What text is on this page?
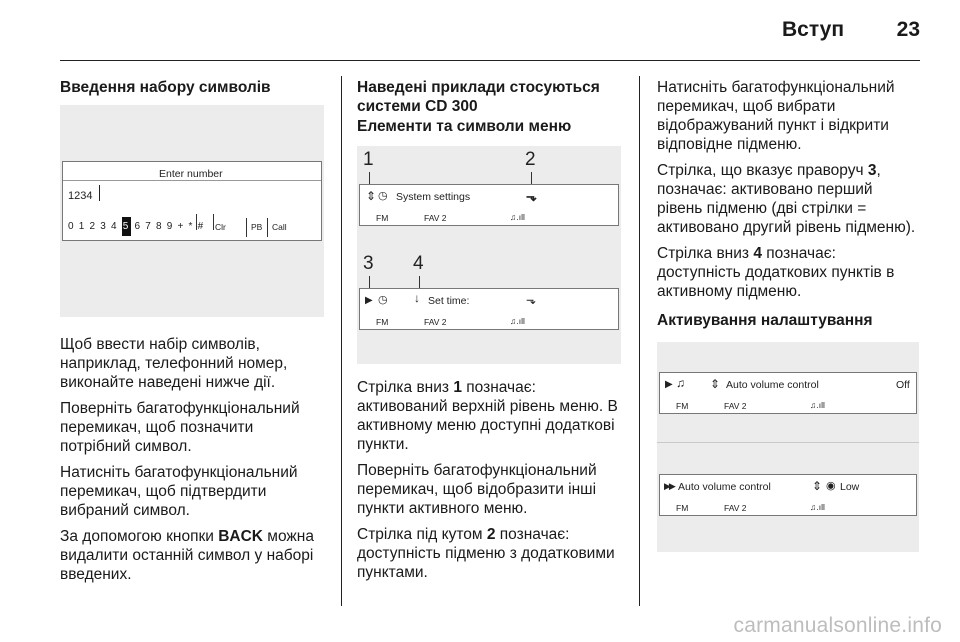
Вступ	23
Введення набору символів
Enter number
1234
0 1 2 3 4 5 6 7 8 9 + * # Clr	PB	Call

Щоб ввести набір символів, наприклад, телефонний номер, виконайте наведені нижче дії.

Поверніть багатофункціональний перемикач, щоб позначити потрібний символ.

Натисніть багатофункціональний перемикач, щоб підтвердити вибраний символ.

За допомогою кнопки BACK можна видалити останній символ у наборі введених.

Наведені приклади стосуються системи CD 300
Елементи та символи меню
1	2
⇕ ◷ System settings	⬎
FM	FAV 2	♫.ıll
3 4
▶ ◷ ↓ Set time:	⬎
FM	FAV 2	♫.ıll

Стрілка вниз 1 позначає: активований верхній рівень меню. В активному меню доступні додаткові пункти.

Поверніть багатофункціональний перемикач, щоб відобразити інші пункти активного меню.

Стрілка під кутом 2 позначає: доступність підменю з додатковими пунктами.

Натисніть багатофункціональний перемикач, щоб вибрати відображуваний пункт і відкрити відповідне підменю.

Стрілка, що вказує праворуч 3, позначає: активовано перший рівень підменю (дві стрілки = активовано другий рівень підменю).

Стрілка вниз 4 позначає: доступність додаткових пунктів в активному підменю.

Активування налаштування
▶ ♫ ⇕ Auto volume control	Off
FM	FAV 2	♫.ıll
▶▶ Auto volume control	⇕ ◉ Low
FM	FAV 2	♫.ıll
carmanualsonline.info
